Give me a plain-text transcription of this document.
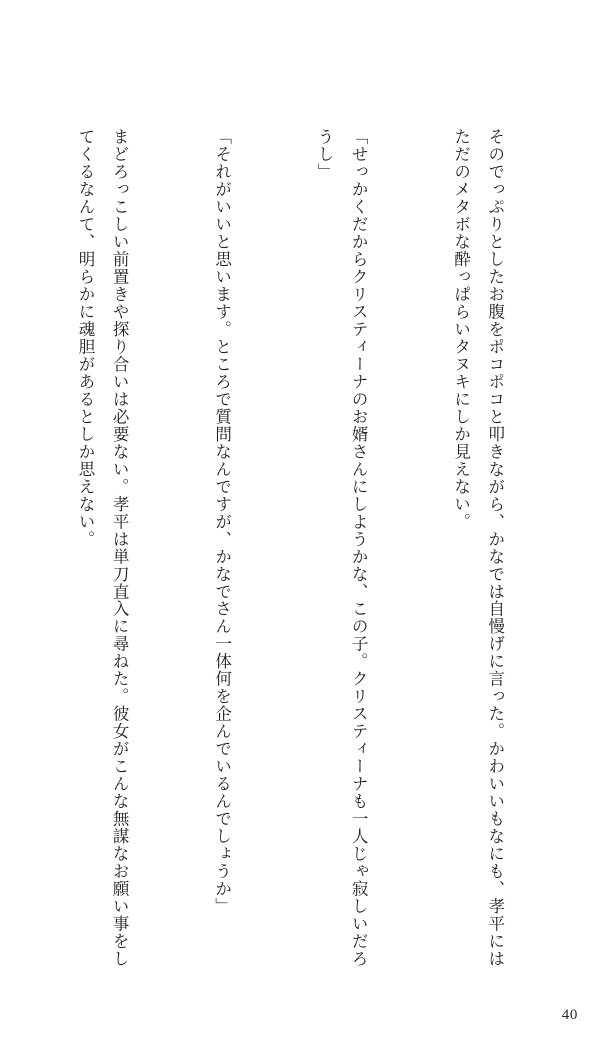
そのでっぷりとしたお腹をポコポコと叩きながら、かなでは自慢げに言った。かわいいもなにも、孝平にはただのメタボな酔っぱらいタヌキにしか見えない。

「せっかくだからクリスティーナのお婿さんにしようかな、この子。クリスティーナも一人じゃ寂しいだろうし」

「それがいいと思います。ところで質問なんですが、かなでさん一体何を企んでいるんでしょうか」

まどろっこしい前置きや探り合いは必要ない。孝平は単刀直入に尋ねた。彼女がこんな無謀なお願い事をしてくるなんて、明らかに魂胆があるとしか思えない。

40
